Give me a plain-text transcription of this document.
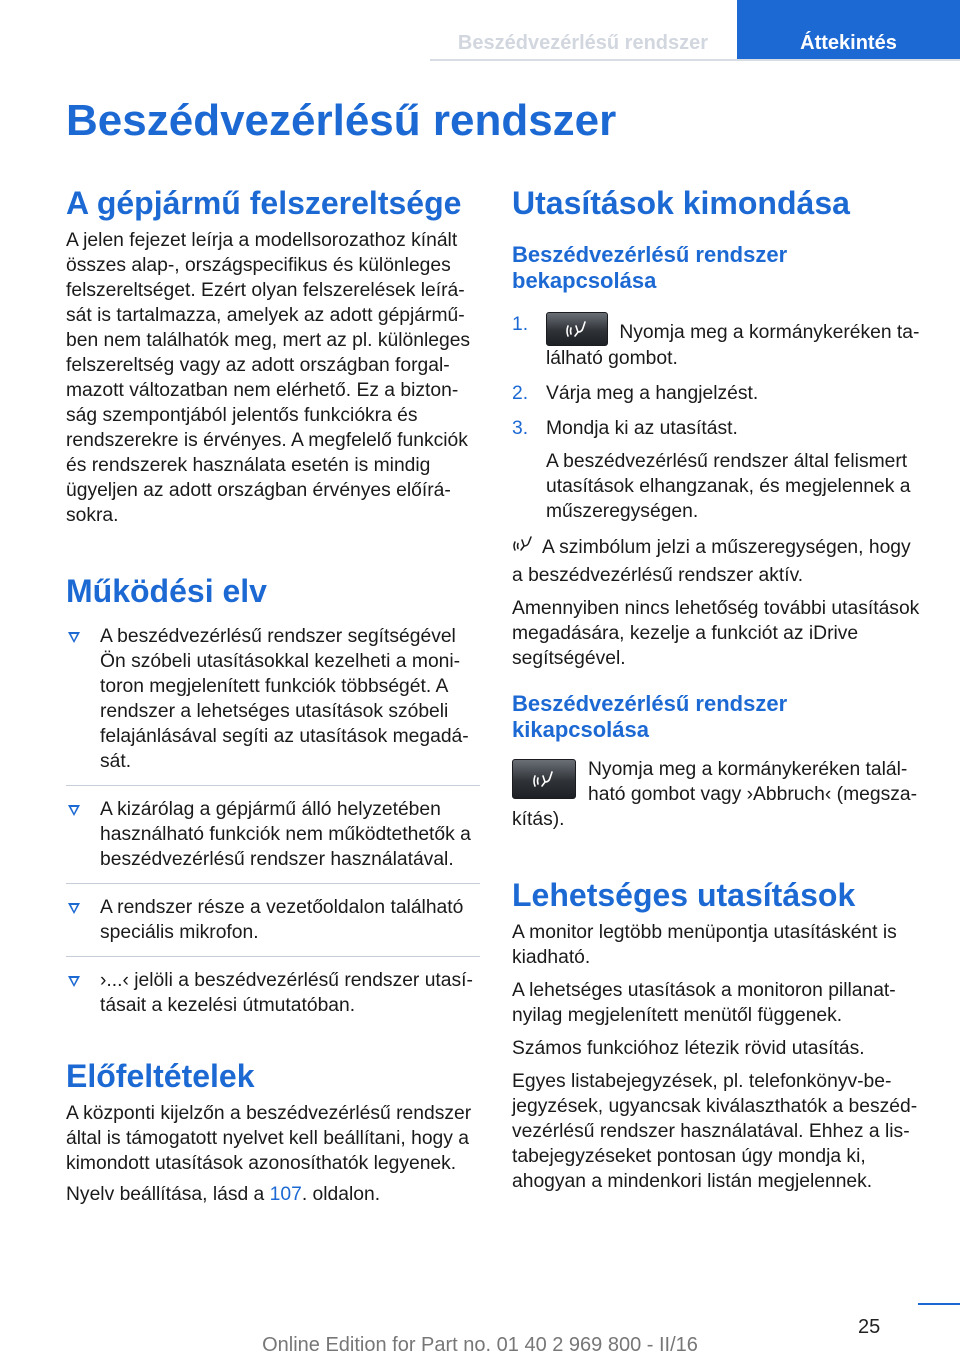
Beszédvezérlésű rendszer	Áttekintés
Beszédvezérlésű rendszer
A gépjármű felszereltsége

A jelen fejezet leírja a modellsorozathoz kínált összes alap-, országspecifikus és különleges felszereltséget. Ezért olyan felszerelések leírását is tartalmazza, amelyek az adott gépjárműben nem találhatók meg, mert az pl. különleges felszereltség vagy az adott országban forgalmazott változatban nem elérhető. Ez a biztonság szempontjából jelentős funkciókra és rendszerekre is érvényes. A megfelelő funkciók és rendszerek használata esetén is mindig ügyeljen az adott országban érvényes előírásokra.

Működési elv
A beszédvezérlésű rendszer segítségével Ön szóbeli utasításokkal kezelheti a monitoron megjelenített funkciók többségét. A rendszer a lehetséges utasítások szóbeli felajánlásával segíti az utasítások megadását.
A kizárólag a gépjármű álló helyzetében használható funkciók nem működtethetők a beszédvezérlésű rendszer használatával.
A rendszer része a vezetőoldalon található speciális mikrofon.
›...‹ jelöli a beszédvezérlésű rendszer utasításait a kezelési útmutatóban.
Előfeltételek

A központi kijelzőn a beszédvezérlésű rendszer által is támogatott nyelvet kell beállítani, hogy a kimondott utasítások azonosíthatók legyenek.

Nyelv beállítása, lásd a 107. oldalon.

Utasítások kimondása
Beszédvezérlésű rendszer bekapcsolása
1.	Nyomja meg a kormánykeréken található gombot.
2. Várja meg a hangjelzést.
3. Mondja ki az utasítást.

A beszédvezérlésű rendszer által felismert utasítások elhangzanak, és megjelennek a műszeregységen.

A szimbólum jelzi a műszeregységen, hogy a beszédvezérlésű rendszer aktív.

Amennyiben nincs lehetőség további utasítások megadására, kezelje a funkciót az iDrive segítségével.

Beszédvezérlésű rendszer kikapcsolása

Nyomja meg a kormánykeréken található gombot vagy ›Abbruch‹ (megszakítás).

Lehetséges utasítások

A monitor legtöbb menüpontja utasításként is kiadható.

A lehetséges utasítások a monitoron pillanatnyilag megjelenített menütől függenek.

Számos funkcióhoz létezik rövid utasítás.

Egyes listabejegyzések, pl. telefonkönyv-bejegyzések, ugyancsak kiválaszthatók a beszédvezérlésű rendszer használatával. Ehhez a listabejegyzéseket pontosan úgy mondja ki, ahogyan a mindenkori listán megjelennek.

25
Online Edition for Part no. 01 40 2 969 800 - II/16
